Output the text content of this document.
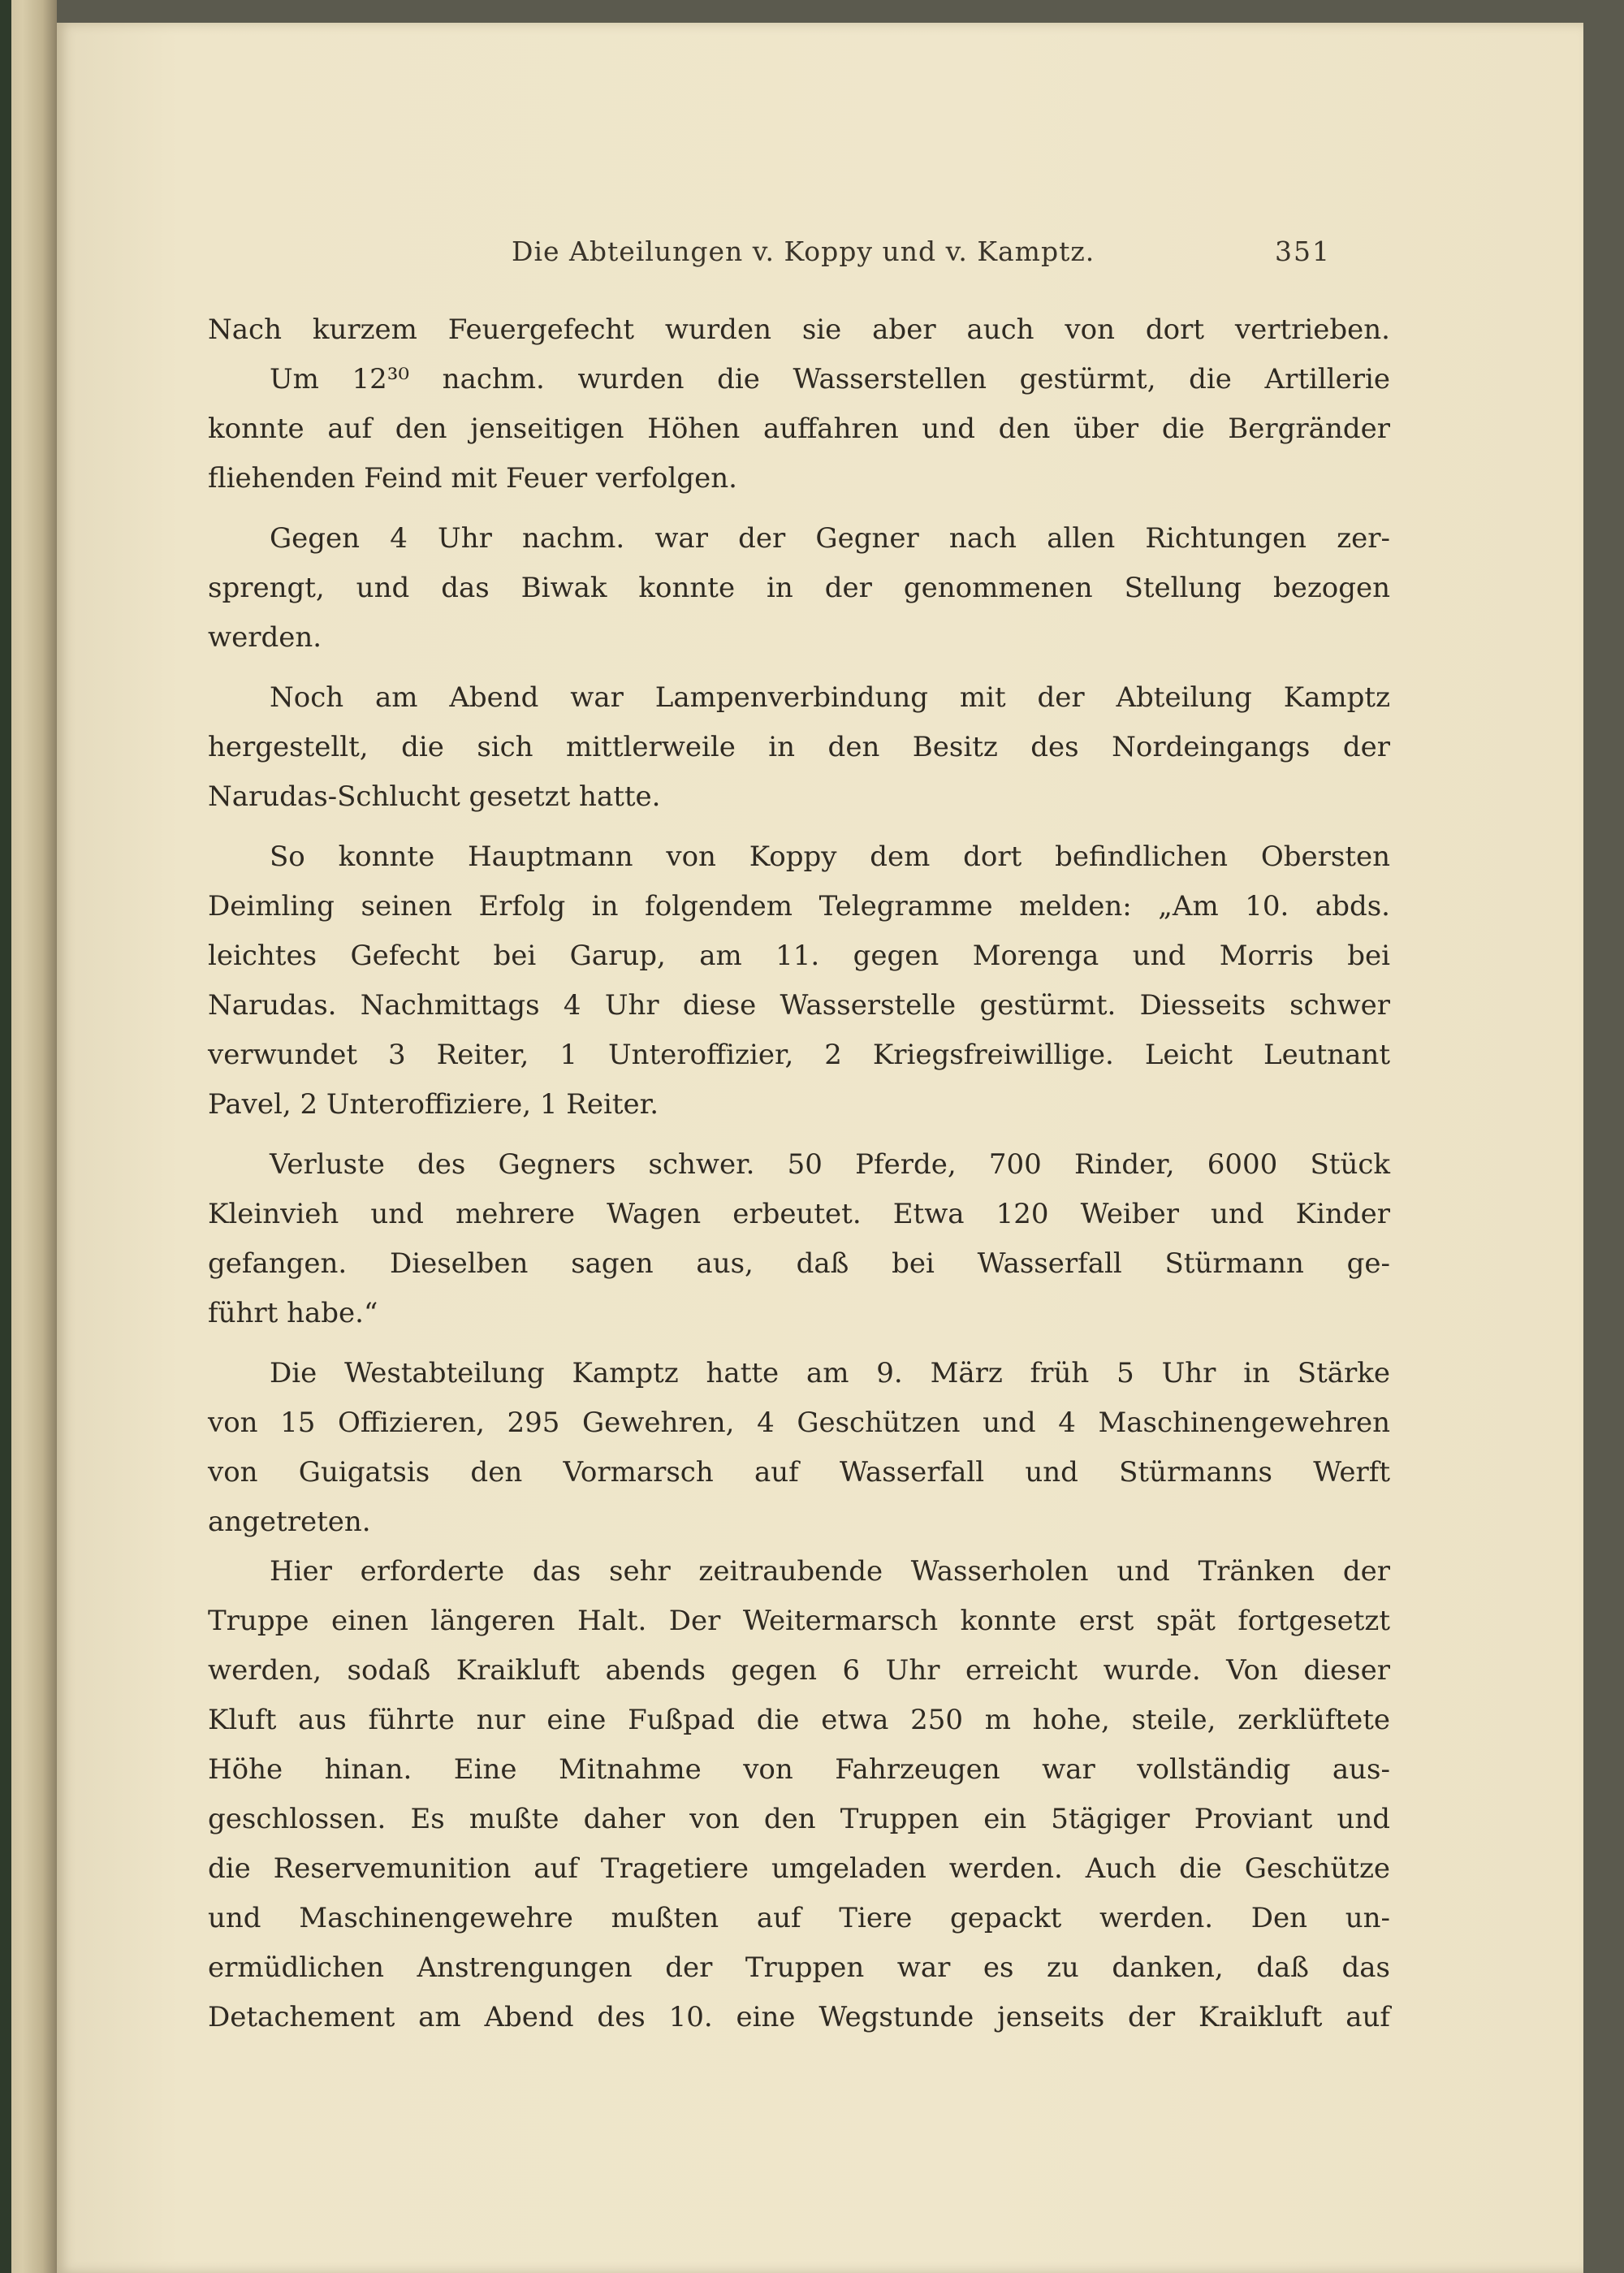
Die Abteilungen v. Koppy und v. Kamptz.	351
Nach kurzem Feuergefecht wurden sie aber auch von dort vertrieben.
Um 12³⁰ nachm. wurden die Wasserstellen gestürmt, die Artillerie
konnte auf den jenseitigen Höhen auffahren und den über die Bergränder
fliehenden Feind mit Feuer verfolgen.
Gegen 4 Uhr nachm. war der Gegner nach allen Richtungen zer-
sprengt, und das Biwak konnte in der genommenen Stellung bezogen
werden.
Noch am Abend war Lampenverbindung mit der Abteilung Kamptz
hergestellt, die sich mittlerweile in den Besitz des Nordeingangs der
Narudas-Schlucht gesetzt hatte.
So konnte Hauptmann von Koppy dem dort befindlichen Obersten
Deimling seinen Erfolg in folgendem Telegramme melden: „Am 10. abds.
leichtes Gefecht bei Garup, am 11. gegen Morenga und Morris bei
Narudas. Nachmittags 4 Uhr diese Wasserstelle gestürmt. Diesseits schwer
verwundet 3 Reiter, 1 Unteroffizier, 2 Kriegsfreiwillige. Leicht Leutnant
Pavel, 2 Unteroffiziere, 1 Reiter.
Verluste des Gegners schwer. 50 Pferde, 700 Rinder, 6000 Stück
Kleinvieh und mehrere Wagen erbeutet. Etwa 120 Weiber und Kinder
gefangen. Dieselben sagen aus, daß bei Wasserfall Stürmann ge-
führt habe.“
Die Westabteilung Kamptz hatte am 9. März früh 5 Uhr in Stärke
von 15 Offizieren, 295 Gewehren, 4 Geschützen und 4 Maschinengewehren
von Guigatsis den Vormarsch auf Wasserfall und Stürmanns Werft
angetreten.
Hier erforderte das sehr zeitraubende Wasserholen und Tränken der
Truppe einen längeren Halt. Der Weitermarsch konnte erst spät fortgesetzt
werden, sodaß Kraikluft abends gegen 6 Uhr erreicht wurde. Von dieser
Kluft aus führte nur eine Fußpad die etwa 250 m hohe, steile, zerklüftete
Höhe hinan. Eine Mitnahme von Fahrzeugen war vollständig aus-
geschlossen. Es mußte daher von den Truppen ein 5tägiger Proviant und
die Reservemunition auf Tragetiere umgeladen werden. Auch die Geschütze
und Maschinengewehre mußten auf Tiere gepackt werden. Den un-
ermüdlichen Anstrengungen der Truppen war es zu danken, daß das
Detachement am Abend des 10. eine Wegstunde jenseits der Kraikluft auf
